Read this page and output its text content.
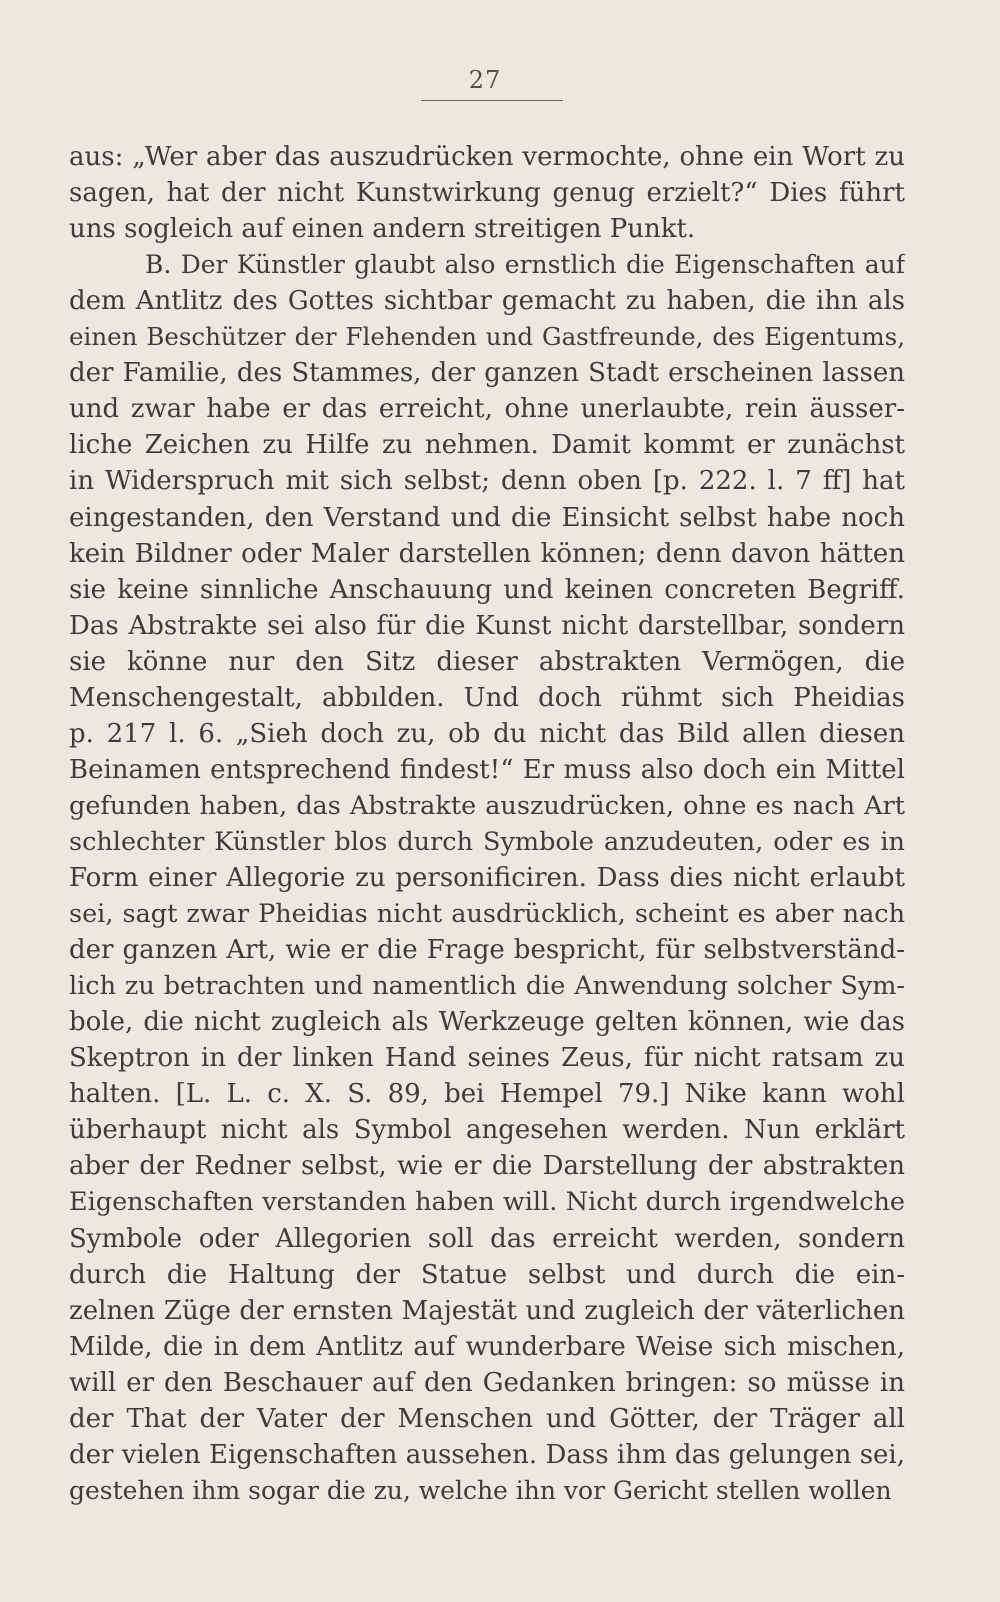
27
aus: „Wer aber das auszudrücken vermochte, ohne ein Wort zu
sagen, hat der nicht Kunstwirkung genug erzielt?“ Dies führt
uns sogleich auf einen andern streitigen Punkt.
B. Der Künstler glaubt also ernstlich die Eigenschaften auf
dem Antlitz des Gottes sichtbar gemacht zu haben, die ihn als
einen Beschützer der Flehenden und Gastfreunde, des Eigentums,
der Familie, des Stammes, der ganzen Stadt erscheinen lassen
und zwar habe er das erreicht, ohne unerlaubte, rein äusser-
liche Zeichen zu Hilfe zu nehmen. Damit kommt er zunächst
in Widerspruch mit sich selbst; denn oben [p. 222. l. 7 ff] hat
eingestanden, den Verstand und die Einsicht selbst habe noch
kein Bildner oder Maler darstellen können; denn davon hätten
sie keine sinnliche Anschauung und keinen concreten Begriff.
Das Abstrakte sei also für die Kunst nicht darstellbar, sondern
sie könne nur den Sitz dieser abstrakten Vermögen, die
Menschengestalt, abbılden. Und doch rühmt sich Pheidias
p. 217 l. 6. „Sieh doch zu, ob du nicht das Bild allen diesen
Beinamen entsprechend findest!“ Er muss also doch ein Mittel
gefunden haben, das Abstrakte auszudrücken, ohne es nach Art
schlechter Künstler blos durch Symbole anzudeuten, oder es in
Form einer Allegorie zu personificiren. Dass dies nicht erlaubt
sei, sagt zwar Pheidias nicht ausdrücklich, scheint es aber nach
der ganzen Art, wie er die Frage bespricht, für selbstverständ-
lich zu betrachten und namentlich die Anwendung solcher Sym-
bole, die nicht zugleich als Werkzeuge gelten können, wie das
Skeptron in der linken Hand seines Zeus, für nicht ratsam zu
halten. [L. L. c. X. S. 89, bei Hempel 79.] Nike kann wohl
überhaupt nicht als Symbol angesehen werden. Nun erklärt
aber der Redner selbst, wie er die Darstellung der abstrakten
Eigenschaften verstanden haben will. Nicht durch irgendwelche
Symbole oder Allegorien soll das erreicht werden, sondern
durch die Haltung der Statue selbst und durch die ein-
zelnen Züge der ernsten Majestät und zugleich der väterlichen
Milde, die in dem Antlitz auf wunderbare Weise sich mischen,
will er den Beschauer auf den Gedanken bringen: so müsse in
der That der Vater der Menschen und Götter, der Träger all
der vielen Eigenschaften aussehen. Dass ihm das gelungen sei,
gestehen ihm sogar die zu, welche ihn vor Gericht stellen wollen
